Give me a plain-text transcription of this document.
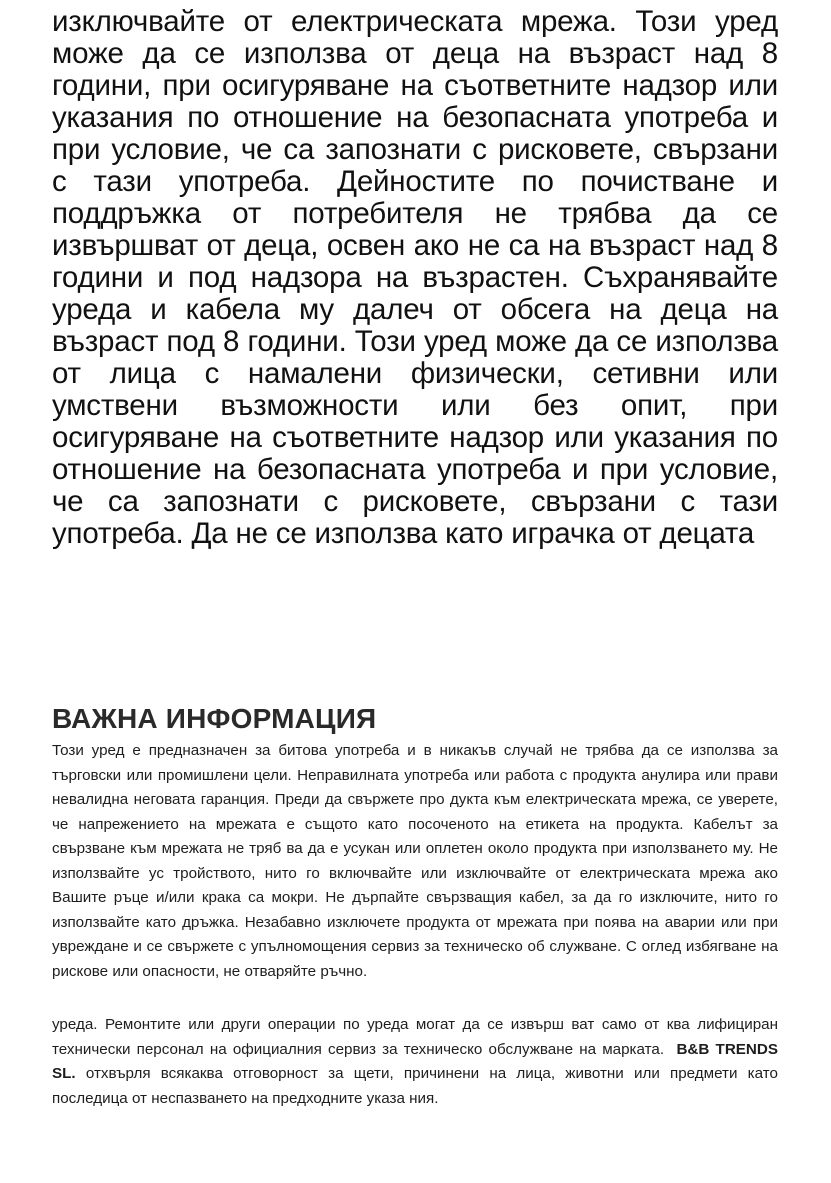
изключвайте от електрическата мрежа. Този уред може да се използва от деца на възраст над 8 години, при осигуряване на съответните надзор или указания по отношение на безопасната употреба и при условие, че са запознати с рисковете, свързани с тази употреба. Дейностите по почистване и поддръжка от потребителя не трябва да се извършват от деца, освен ако не са на възраст над 8 години и под надзора на възрастен. Съхранявайте уреда и кабела му далеч от обсега на деца на възраст под 8 години. Този уред може да се използва от лица с намалени физически, сетивни или умствени възможности или без опит, при осигуряване на съответните надзор или указания по отношение на безопасната употреба и при условие, че са запознати с рисковете, свързани с тази употреба. Да не се използва като играчка от децата

ВАЖНА ИНФОРМАЦИЯ

Този уред е предназначен за битова употреба и в никакъв случай не трябва да се използва за търговски или промишлени цели. Неправилната употреба или работа с продукта анулира или прави невалидна неговата гаранция. Преди да свържете про дукта към електрическата мрежа, се уверете, че напрежението на мрежата е същото като посоченото на етикета на продукта. Кабелът за свързване към мрежата не тряб ва да е усукан или оплетен около продукта при използването му. Не използвайте ус тройството, нито го включвайте или изключвайте от електрическата мрежа ако Вашите ръце и/или крака са мокри. Не дърпайте свързващия кабел, за да го изключите, нито го използвайте като дръжка. Незабавно изключете продукта от мрежата при поява на аварии или при увреждане и се свържете с упълномощения сервиз за техническо об служване. С оглед избягване на рискове или опасности, не отваряйте ръчно.

уреда. Ремонтите или други операции по уреда могат да се извърш ват само от ква лифициран технически персонал на официалния сервиз за техническо обслужване на марката. B&B TRENDS SL. отхвърля всякаква отговорност за щети, причинени на лица, животни или предмети като последица от неспазването на предходните указа ния.
